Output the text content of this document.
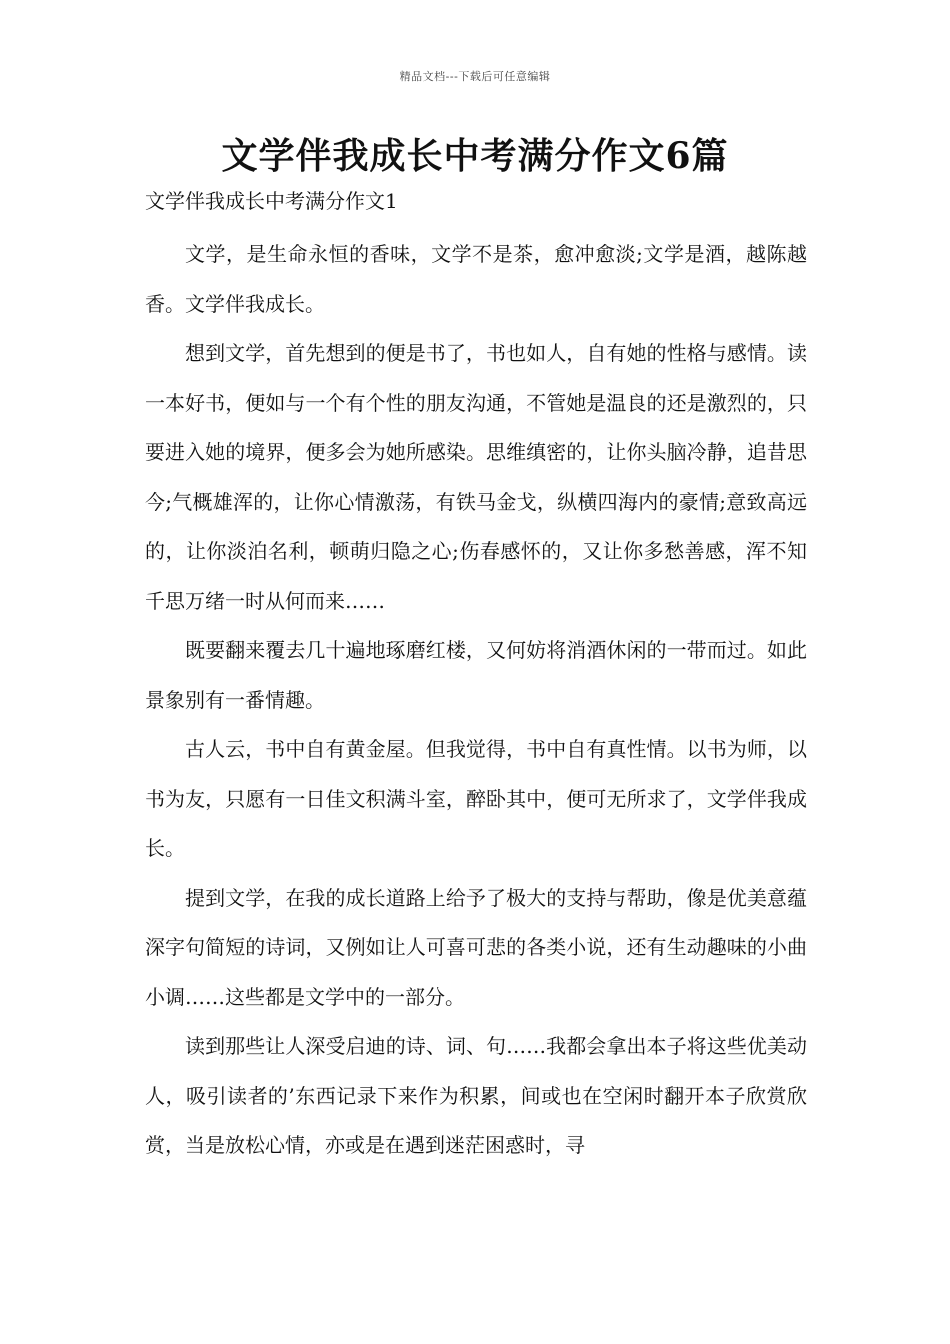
精品文档---下载后可任意编辑
文学伴我成长中考满分作文6篇

文学伴我成长中考满分作文1

文学，是生命永恒的香味，文学不是茶，愈冲愈淡;文学是酒，越陈越香。文学伴我成长。

想到文学，首先想到的便是书了，书也如人，自有她的性格与感情。读一本好书，便如与一个有个性的朋友沟通，不管她是温良的还是激烈的，只要进入她的境界，便多会为她所感染。思维缜密的，让你头脑冷静，追昔思今;气概雄浑的，让你心情激荡，有铁马金戈，纵横四海内的豪情;意致高远的，让你淡泊名利，顿萌归隐之心;伤春感怀的，又让你多愁善感，浑不知千思万绪一时从何而来……

既要翻来覆去几十遍地琢磨红楼，又何妨将消酒休闲的一带而过。如此景象别有一番情趣。

古人云，书中自有黄金屋。但我觉得，书中自有真性情。以书为师，以书为友，只愿有一日佳文积满斗室，醉卧其中，便可无所求了，文学伴我成长。

提到文学，在我的成长道路上给予了极大的支持与帮助，像是优美意蕴深字句简短的诗词，又例如让人可喜可悲的各类小说，还有生动趣味的小曲小调……这些都是文学中的一部分。

读到那些让人深受启迪的诗、词、句……我都会拿出本子将这些优美动人，吸引读者的’东西记录下来作为积累，间或也在空闲时翻开本子欣赏欣赏，当是放松心情，亦或是在遇到迷茫困惑时，寻
